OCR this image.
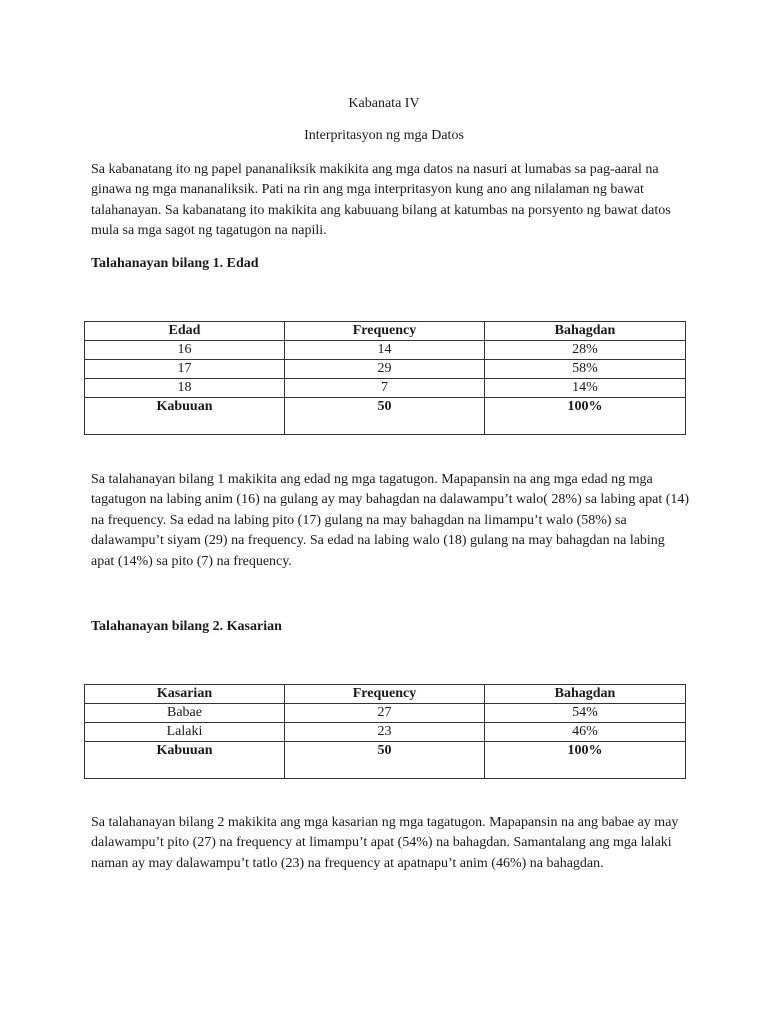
Kabanata IV
Interpritasyon ng mga Datos

Sa kabanatang ito ng papel pananaliksik makikita ang mga datos na nasuri at lumabas sa pag-aaral na ginawa ng mga mananaliksik. Pati na rin ang mga interpritasyon kung ano ang nilalaman ng bawat talahanayan. Sa kabanatang ito makikita ang kabuuang bilang at katumbas na porsyento ng bawat datos mula sa mga sagot ng tagatugon na napili.

Talahanayan bilang 1. Edad

Edad	Frequency	Bahagdan
16	14	28%
17	29	58%
18	7	14%
Kabuuan	50	100%

Sa talahanayan bilang 1 makikita ang edad ng mga tagatugon. Mapapansin na ang mga edad ng mga tagatugon na labing anim (16) na gulang ay may bahagdan na dalawampu’t walo( 28%) sa labing apat (14) na frequency. Sa edad na labing pito (17) gulang na may bahagdan na limampu’t walo (58%) sa dalawampu’t siyam (29) na frequency. Sa edad na labing walo (18) gulang na may bahagdan na labing apat (14%) sa pito (7) na frequency.

Talahanayan bilang 2. Kasarian

Kasarian	Frequency	Bahagdan
Babae	27	54%
Lalaki	23	46%
Kabuuan	50	100%

Sa talahanayan bilang 2 makikita ang mga kasarian ng mga tagatugon. Mapapansin na ang babae ay may dalawampu’t pito (27) na frequency at limampu’t apat (54%) na bahagdan. Samantalang ang mga lalaki naman ay may dalawampu’t tatlo (23) na frequency at apatnapu’t anim (46%) na bahagdan.
